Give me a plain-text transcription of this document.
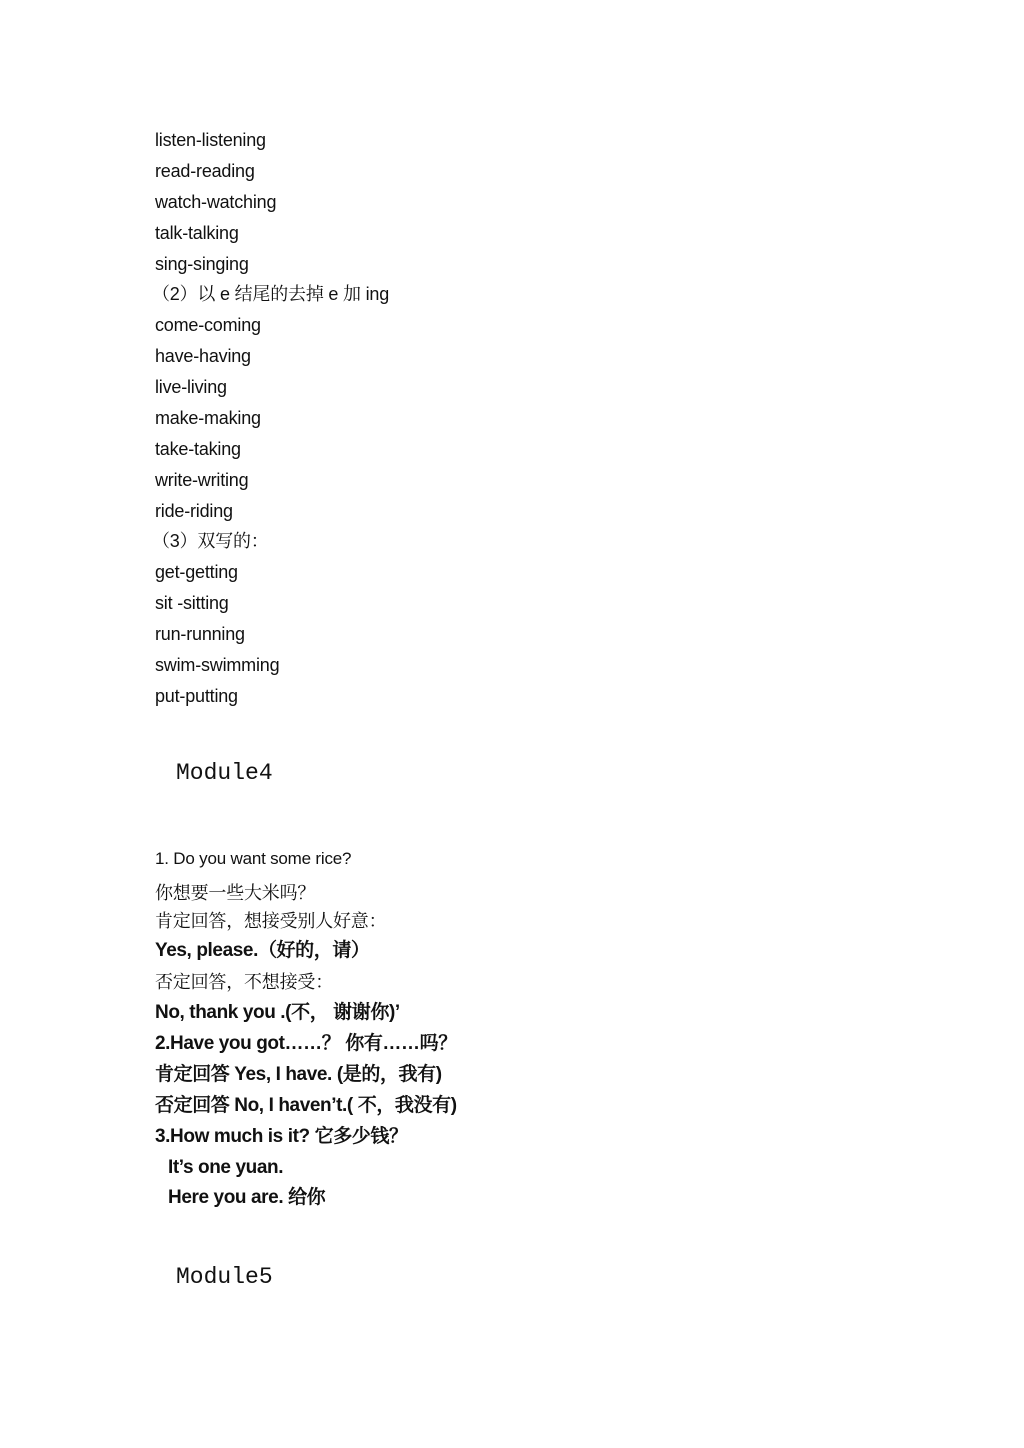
listen-listening
read-reading
watch-watching
talk-talking
sing-singing
（2）以 e 结尾的去掉 e 加 ing
come-coming
have-having
live-living
make-making
take-taking
write-writing
ride-riding
（3）双写的：
get-getting
sit -sitting
run-running
swim-swimming
put-putting
Module4
1. Do you want some rice?
你想要一些大米吗？
肯定回答，想接受别人好意：
Yes, please.（好的，请）
否定回答，不想接受：
No, thank you .(不， 谢谢你)’
2.Have you got……？ 你有……吗？
肯定回答 Yes, I have. (是的，我有)
否定回答 No, I haven’t.( 不，我没有)
3.How much is it? 它多少钱？
It’s one yuan.
Here you are. 给你
Module5
